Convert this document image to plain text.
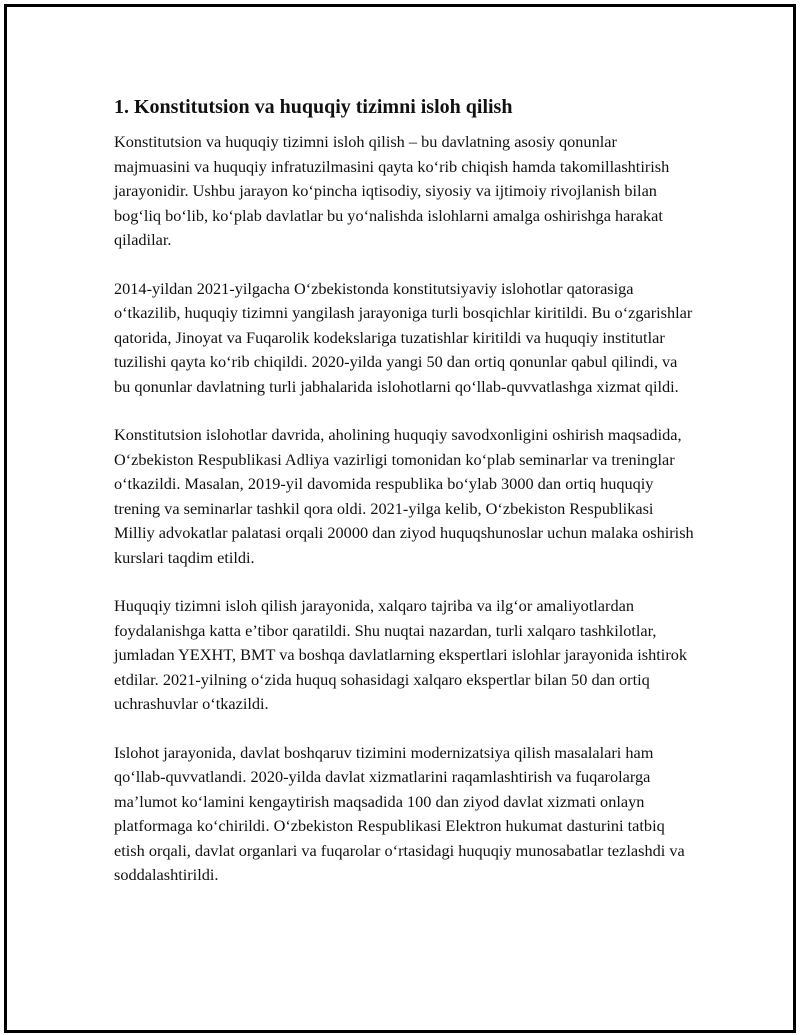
1. Konstitutsion va huquqiy tizimni isloh qilish

Konstitutsion va huquqiy tizimni isloh qilish – bu davlatning asosiy qonunlar majmuasini va huquqiy infratuzilmasini qayta ko‘rib chiqish hamda takomillashtirish jarayonidir. Ushbu jarayon ko‘pincha iqtisodiy, siyosiy va ijtimoiy rivojlanish bilan bog‘liq bo‘lib, ko‘plab davlatlar bu yo‘nalishda islohlarni amalga oshirishga harakat qiladilar.

2014-yildan 2021-yilgacha O‘zbekistonda konstitutsiyaviy islohotlar qatorasiga o‘tkazilib, huquqiy tizimni yangilash jarayoniga turli bosqichlar kiritildi. Bu o‘zgarishlar qatorida, Jinoyat va Fuqarolik kodekslariga tuzatishlar kiritildi va huquqiy institutlar tuzilishi qayta ko‘rib chiqildi. 2020-yilda yangi 50 dan ortiq qonunlar qabul qilindi, va bu qonunlar davlatning turli jabhalarida islohotlarni qo‘llab-quvvatlashga xizmat qildi.

Konstitutsion islohotlar davrida, aholining huquqiy savodxonligini oshirish maqsadida, O‘zbekiston Respublikasi Adliya vazirligi tomonidan ko‘plab seminarlar va treninglar o‘tkazildi. Masalan, 2019-yil davomida respublika bo‘ylab 3000 dan ortiq huquqiy trening va seminarlar tashkil qora oldi. 2021-yilga kelib, O‘zbekiston Respublikasi Milliy advokatlar palatasi orqali 20000 dan ziyod huquqshunoslar uchun malaka oshirish kurslari taqdim etildi.

Huquqiy tizimni isloh qilish jarayonida, xalqaro tajriba va ilg‘or amaliyotlardan foydalanishga katta e’tibor qaratildi. Shu nuqtai nazardan, turli xalqaro tashkilotlar, jumladan YEXHT, BMT va boshqa davlatlarning ekspertlari islohlar jarayonida ishtirok etdilar. 2021-yilning o‘zida huquq sohasidagi xalqaro ekspertlar bilan 50 dan ortiq uchrashuvlar o‘tkazildi.

Islohot jarayonida, davlat boshqaruv tizimini modernizatsiya qilish masalalari ham qo‘llab-quvvatlandi. 2020-yilda davlat xizmatlarini raqamlashtirish va fuqarolarga ma’lumot ko‘lamini kengaytirish maqsadida 100 dan ziyod davlat xizmati onlayn platformaga ko‘chirildi. O‘zbekiston Respublikasi Elektron hukumat dasturini tatbiq etish orqali, davlat organlari va fuqarolar o‘rtasidagi huquqiy munosabatlar tezlashdi va soddalashtirildi.
